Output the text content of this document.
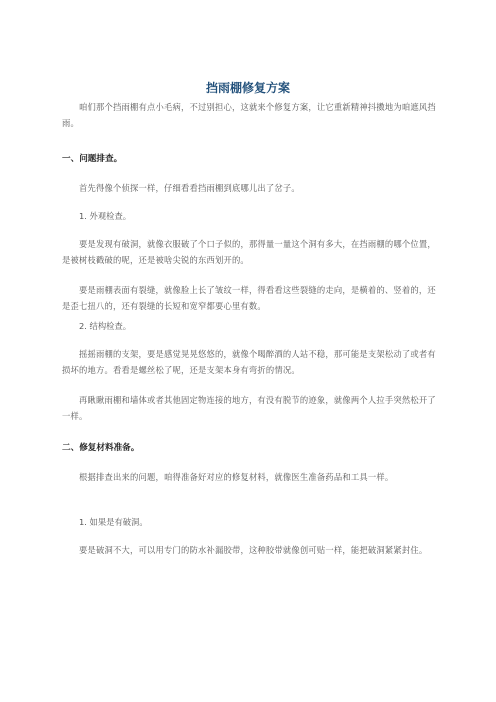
挡雨棚修复方案
咱们那个挡雨棚有点小毛病，不过别担心，这就来个修复方案，让它重新精神抖擞地为咱遮风挡雨。
一、问题排查。
首先得像个侦探一样，仔细看看挡雨棚到底哪儿出了岔子。
1. 外观检查。
要是发现有破洞，就像衣服破了个口子似的，那得量一量这个洞有多大，在挡雨棚的哪个位置，是被树枝戳破的呢，还是被啥尖锐的东西划开的。
要是雨棚表面有裂缝，就像脸上长了皱纹一样，得看看这些裂缝的走向，是横着的、竖着的，还是歪七扭八的，还有裂缝的长短和宽窄都要心里有数。
2. 结构检查。
摇摇雨棚的支架，要是感觉晃晃悠悠的，就像个喝醉酒的人站不稳，那可能是支架松动了或者有损坏的地方。看看是螺丝松了呢，还是支架本身有弯折的情况。
再瞅瞅雨棚和墙体或者其他固定物连接的地方，有没有脱节的迹象，就像两个人拉手突然松开了一样。
二、修复材料准备。
根据排查出来的问题，咱得准备好对应的修复材料，就像医生准备药品和工具一样。
1. 如果是有破洞。
要是破洞不大，可以用专门的防水补漏胶带，这种胶带就像创可贴一样，能把破洞紧紧封住。
